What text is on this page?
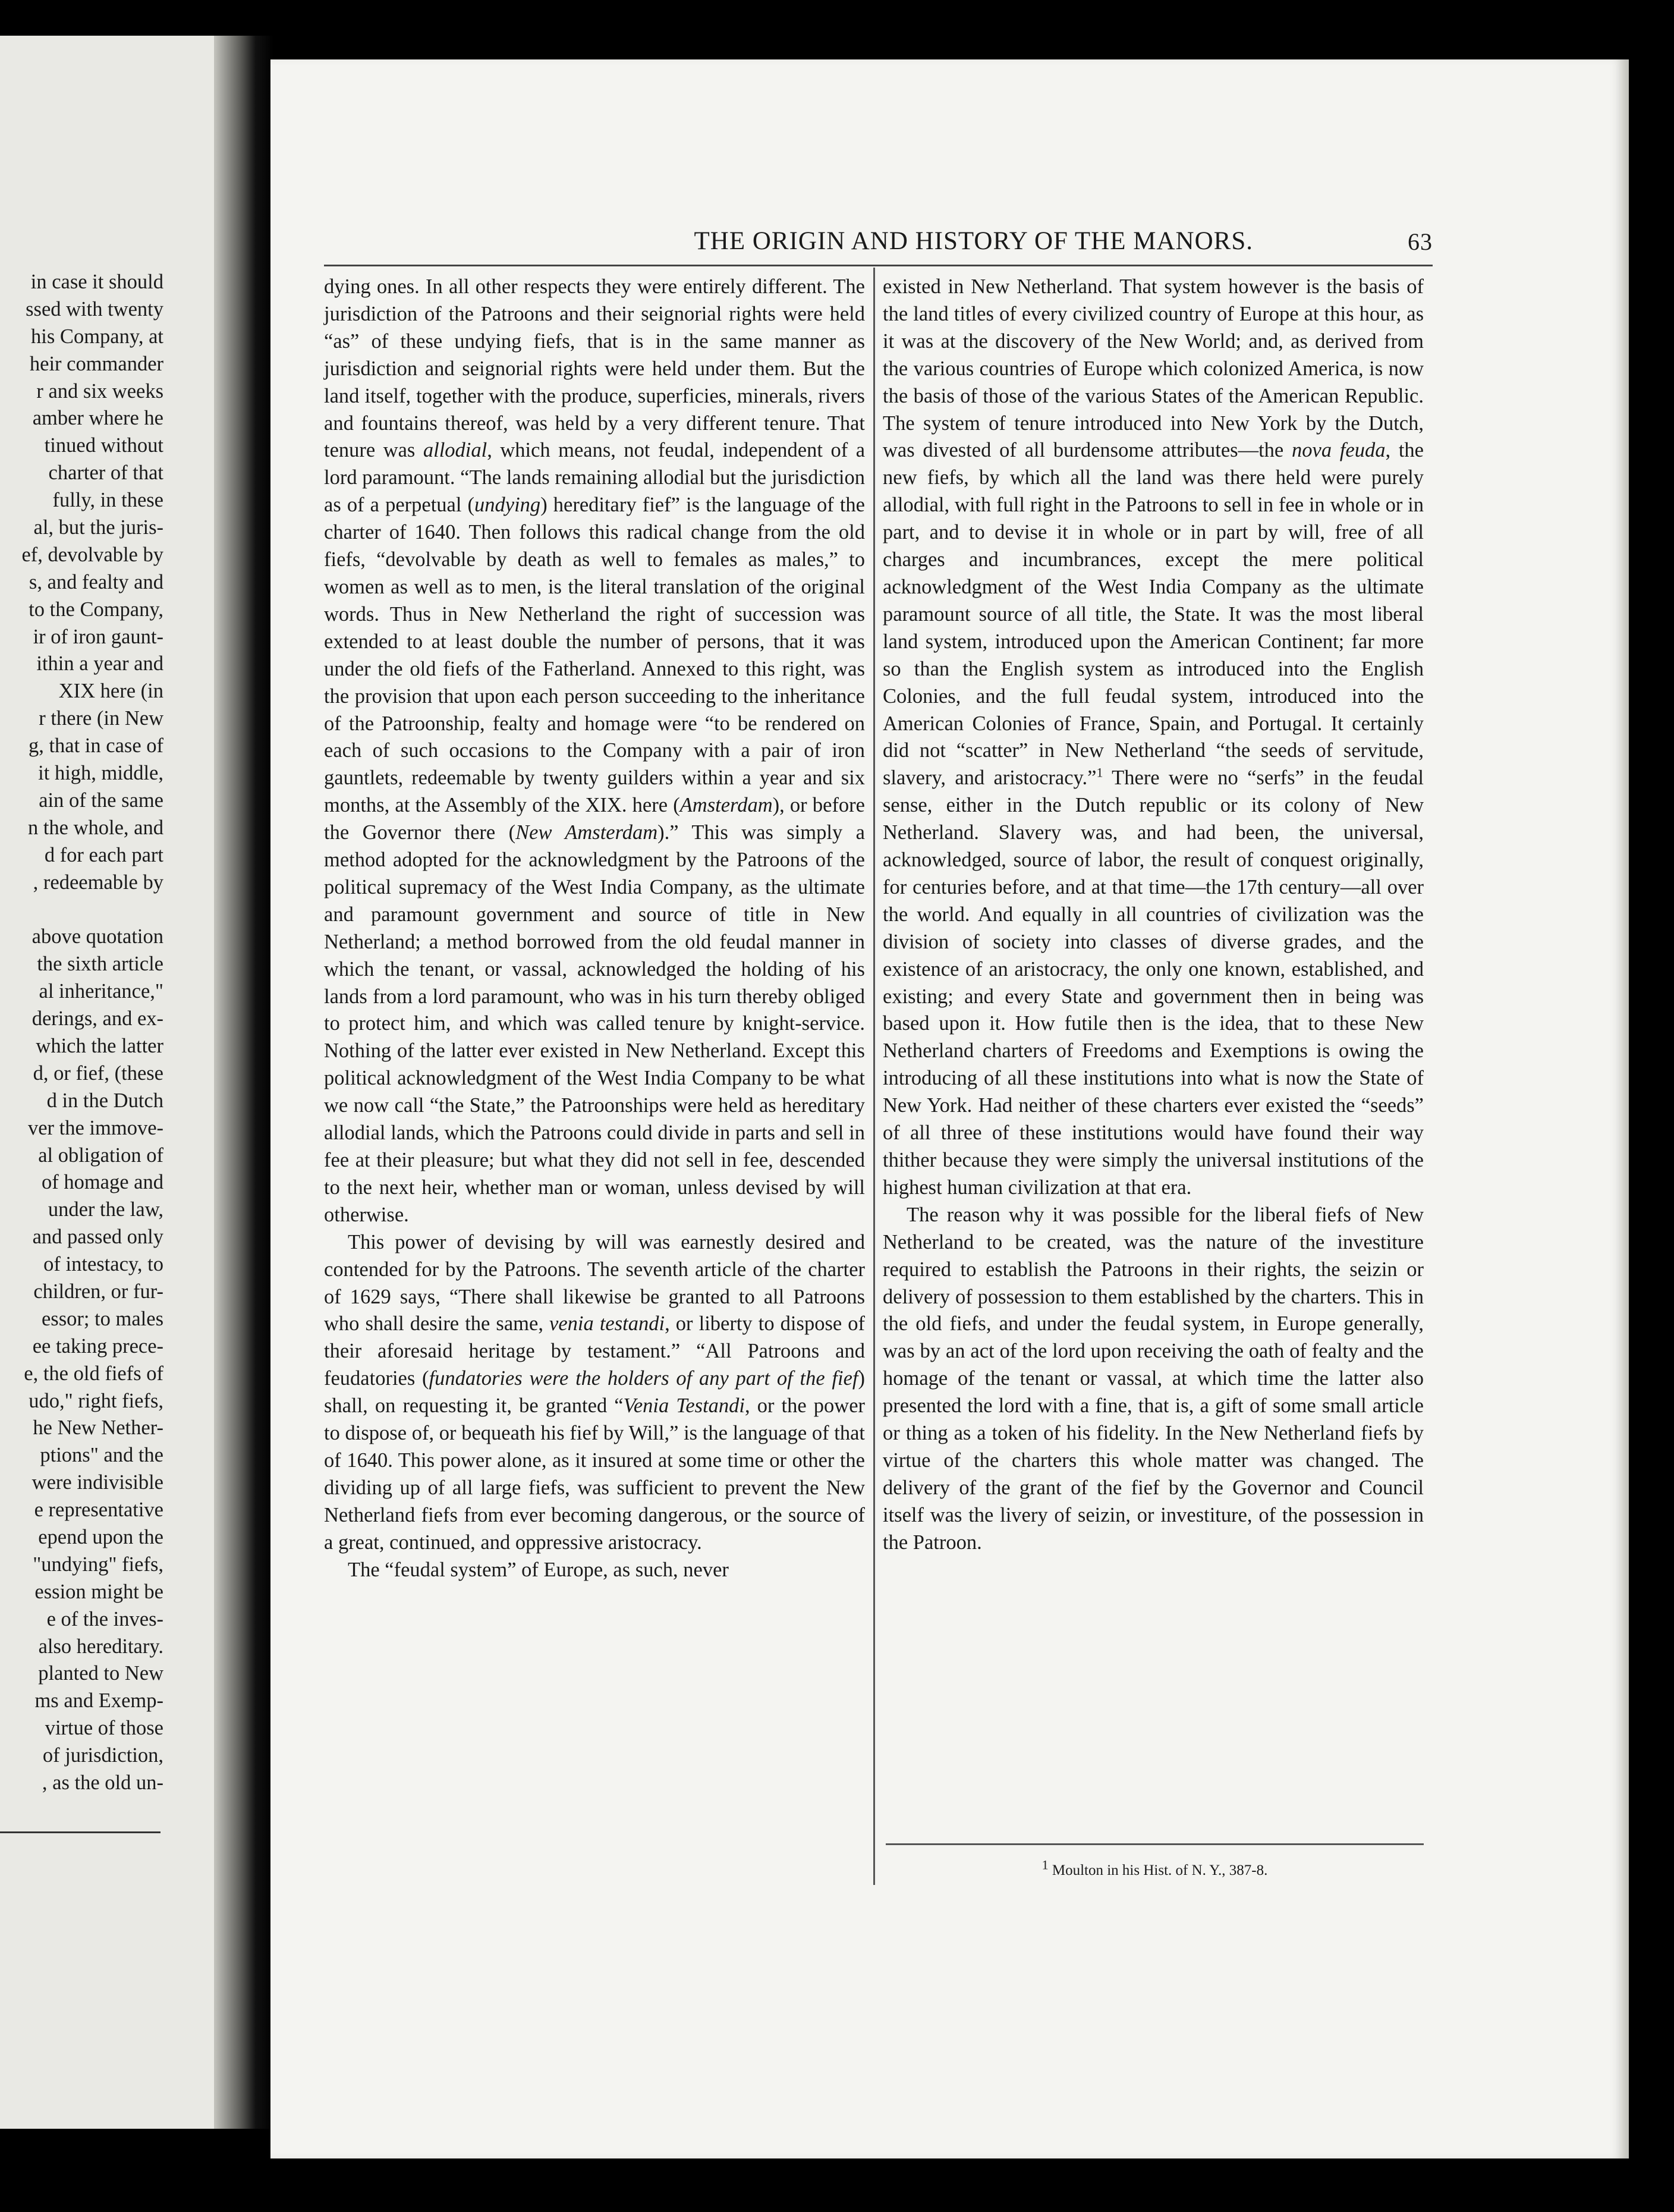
in case it should
ssed with twenty
his Company, at
heir commander
r and six weeks
amber where he
tinued without
charter of that
fully, in these
al, but the juris-
ef, devolvable by
s, and fealty and
to the Company,
ir of iron gaunt-
ithin a year and
XIX here (in
r there (in New
g, that in case of
it high, middle,
ain of the same
n the whole, and
d for each part
, redeemable by
above quotation
the sixth article
al inheritance,"
derings, and ex-
which the latter
d, or fief, (these
d in the Dutch
ver the immove-
al obligation of
of homage and
under the law,
and passed only
of intestacy, to
children, or fur-
essor; to males
ee taking prece-
e, the old fiefs of
udo," right fiefs,
he New Nether-
ptions" and the
were indivisible
e representative
epend upon the
"undying" fiefs,
ession might be
e of the inves-
also hereditary.
planted to New
ms and Exemp-
virtue of those
of jurisdiction,
, as the old un-
THE ORIGIN AND HISTORY OF THE MANORS.	63

dying ones. In all other respects they were entirely different. The jurisdiction of the Patroons and their seignorial rights were held “as” of these undying fiefs, that is in the same manner as jurisdiction and seignorial rights were held under them. But the land itself, together with the produce, superficies, minerals, rivers and fountains thereof, was held by a very different tenure. That tenure was allodial, which means, not feudal, independent of a lord paramount. “The lands remaining allodial but the jurisdiction as of a perpetual (undying) hereditary fief” is the language of the charter of 1640. Then follows this radical change from the old fiefs, “devolvable by death as well to females as males,” to women as well as to men, is the literal translation of the original words. Thus in New Netherland the right of succession was extended to at least double the number of persons, that it was under the old fiefs of the Fatherland. Annexed to this right, was the provision that upon each person succeeding to the inheritance of the Patroonship, fealty and homage were “to be rendered on each of such occasions to the Company with a pair of iron gauntlets, redeemable by twenty guilders within a year and six months, at the Assembly of the XIX. here (Amsterdam), or before the Governor there (New Amsterdam).” This was simply a method adopted for the acknowledgment by the Patroons of the political supremacy of the West India Company, as the ultimate and paramount government and source of title in New Netherland; a method borrowed from the old feudal manner in which the tenant, or vassal, acknowledged the holding of his lands from a lord paramount, who was in his turn thereby obliged to protect him, and which was called tenure by knight-service. Nothing of the latter ever existed in New Netherland. Except this political acknowledgment of the West India Company to be what we now call “the State,” the Patroonships were held as hereditary allodial lands, which the Patroons could divide in parts and sell in fee at their pleasure; but what they did not sell in fee, descended to the next heir, whether man or woman, unless devised by will otherwise.

This power of devising by will was earnestly desired and contended for by the Patroons. The seventh article of the charter of 1629 says, “There shall likewise be granted to all Patroons who shall desire the same, venia testandi, or liberty to dispose of their aforesaid heritage by testament.” “All Patroons and feudatories (fundatories were the holders of any part of the fief) shall, on requesting it, be granted “Venia Testandi, or the power to dispose of, or bequeath his fief by Will,” is the language of that of 1640. This power alone, as it insured at some time or other the dividing up of all large fiefs, was sufficient to prevent the New Netherland fiefs from ever becoming dangerous, or the source of a great, continued, and oppressive aristocracy.

The “feudal system” of Europe, as such, never

existed in New Netherland. That system however is the basis of the land titles of every civilized country of Europe at this hour, as it was at the discovery of the New World; and, as derived from the various countries of Europe which colonized America, is now the basis of those of the various States of the American Republic. The system of tenure introduced into New York by the Dutch, was divested of all burdensome attributes—the nova feuda, the new fiefs, by which all the land was there held were purely allodial, with full right in the Patroons to sell in fee in whole or in part, and to devise it in whole or in part by will, free of all charges and incumbrances, except the mere political acknowledgment of the West India Company as the ultimate paramount source of all title, the State. It was the most liberal land system, introduced upon the American Continent; far more so than the English system as introduced into the English Colonies, and the full feudal system, introduced into the American Colonies of France, Spain, and Portugal. It certainly did not “scatter” in New Netherland “the seeds of servitude, slavery, and aristocracy.”$^1$ There were no “serfs” in the feudal sense, either in the Dutch republic or its colony of New Netherland. Slavery was, and had been, the universal, acknowledged, source of labor, the result of conquest originally, for centuries before, and at that time—the 17th century—all over the world. And equally in all countries of civilization was the division of society into classes of diverse grades, and the existence of an aristocracy, the only one known, established, and existing; and every State and government then in being was based upon it. How futile then is the idea, that to these New Netherland charters of Freedoms and Exemptions is owing the introducing of all these institutions into what is now the State of New York. Had neither of these charters ever existed the “seeds” of all three of these institutions would have found their way thither because they were simply the universal institutions of the highest human civilization at that era.

The reason why it was possible for the liberal fiefs of New Netherland to be created, was the nature of the investiture required to establish the Patroons in their rights, the seizin or delivery of possession to them established by the charters. This in the old fiefs, and under the feudal system, in Europe generally, was by an act of the lord upon receiving the oath of fealty and the homage of the tenant or vassal, at which time the latter also presented the lord with a fine, that is, a gift of some small article or thing as a token of his fidelity. In the New Netherland fiefs by virtue of the charters this whole matter was changed. The delivery of the grant of the fief by the Governor and Council itself was the livery of seizin, or investiture, of the possession in the Patroon.

1 Moulton in his Hist. of N. Y., 387-8.
